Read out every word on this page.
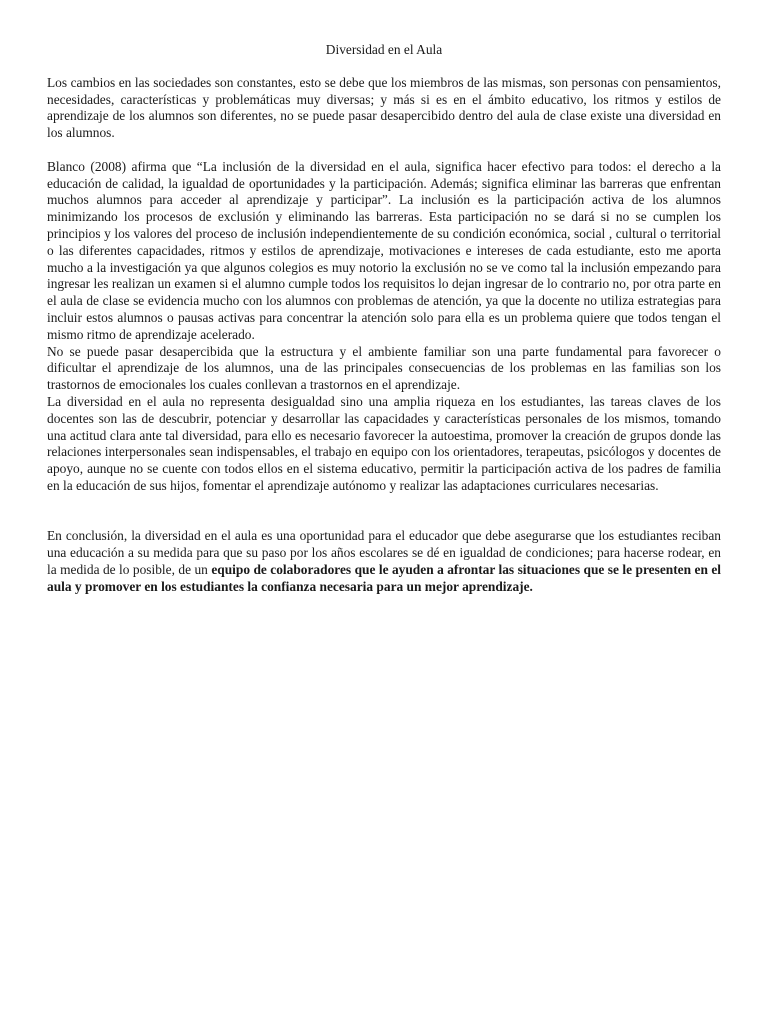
Diversidad en el Aula

Los cambios en las sociedades son constantes, esto se debe que los miembros de las mismas, son personas con pensamientos, necesidades, características y problemáticas muy diversas; y más si es en el ámbito educativo, los ritmos y estilos de aprendizaje de los alumnos son diferentes, no se puede pasar desapercibido dentro del aula de clase existe una diversidad en los alumnos.

Blanco (2008) afirma que “La inclusión de la diversidad en el aula, significa hacer efectivo para todos: el derecho a la educación de calidad, la igualdad de oportunidades y la participación. Además; significa eliminar las barreras que enfrentan muchos alumnos para acceder al aprendizaje y participar”. La inclusión es la participación activa de los alumnos minimizando los procesos de exclusión y eliminando las barreras. Esta participación no se dará si no se cumplen los principios y los valores del proceso de inclusión independientemente de su condición económica, social , cultural o territorial o las diferentes capacidades, ritmos y estilos de aprendizaje, motivaciones e intereses de cada estudiante, esto me aporta mucho a la investigación ya que algunos colegios es muy notorio la exclusión no se ve como tal la inclusión empezando para ingresar les realizan un examen si el alumno cumple todos los requisitos lo dejan ingresar de lo contrario no, por otra parte en el aula de clase se evidencia mucho con los alumnos con problemas de atención, ya que la docente no utiliza estrategias para incluir estos alumnos o pausas activas para concentrar la atención solo para ella es un problema quiere que todos tengan el mismo ritmo de aprendizaje acelerado.

No se puede pasar desapercibida que la estructura y el ambiente familiar son una parte fundamental para favorecer o dificultar el aprendizaje de los alumnos, una de las principales consecuencias de los problemas en las familias son los trastornos de emocionales los cuales conllevan a trastornos en el aprendizaje.

La diversidad en el aula no representa desigualdad sino una amplia riqueza en los estudiantes, las tareas claves de los docentes son las de descubrir, potenciar y desarrollar las capacidades y características personales de los mismos, tomando una actitud clara ante tal diversidad, para ello es necesario favorecer la autoestima, promover la creación de grupos donde las relaciones interpersonales sean indispensables, el trabajo en equipo con los orientadores, terapeutas, psicólogos y docentes de apoyo, aunque no se cuente con todos ellos en el sistema educativo, permitir la participación activa de los padres de familia en la educación de sus hijos, fomentar el aprendizaje autónomo y realizar las adaptaciones curriculares necesarias.

En conclusión, la diversidad en el aula es una oportunidad para el educador que debe asegurarse que los estudiantes reciban una educación a su medida para que su paso por los años escolares se dé en igualdad de condiciones; para hacerse rodear, en la medida de lo posible, de un equipo de colaboradores que le ayuden a afrontar las situaciones que se le presenten en el aula y promover en los estudiantes la confianza necesaria para un mejor aprendizaje.
